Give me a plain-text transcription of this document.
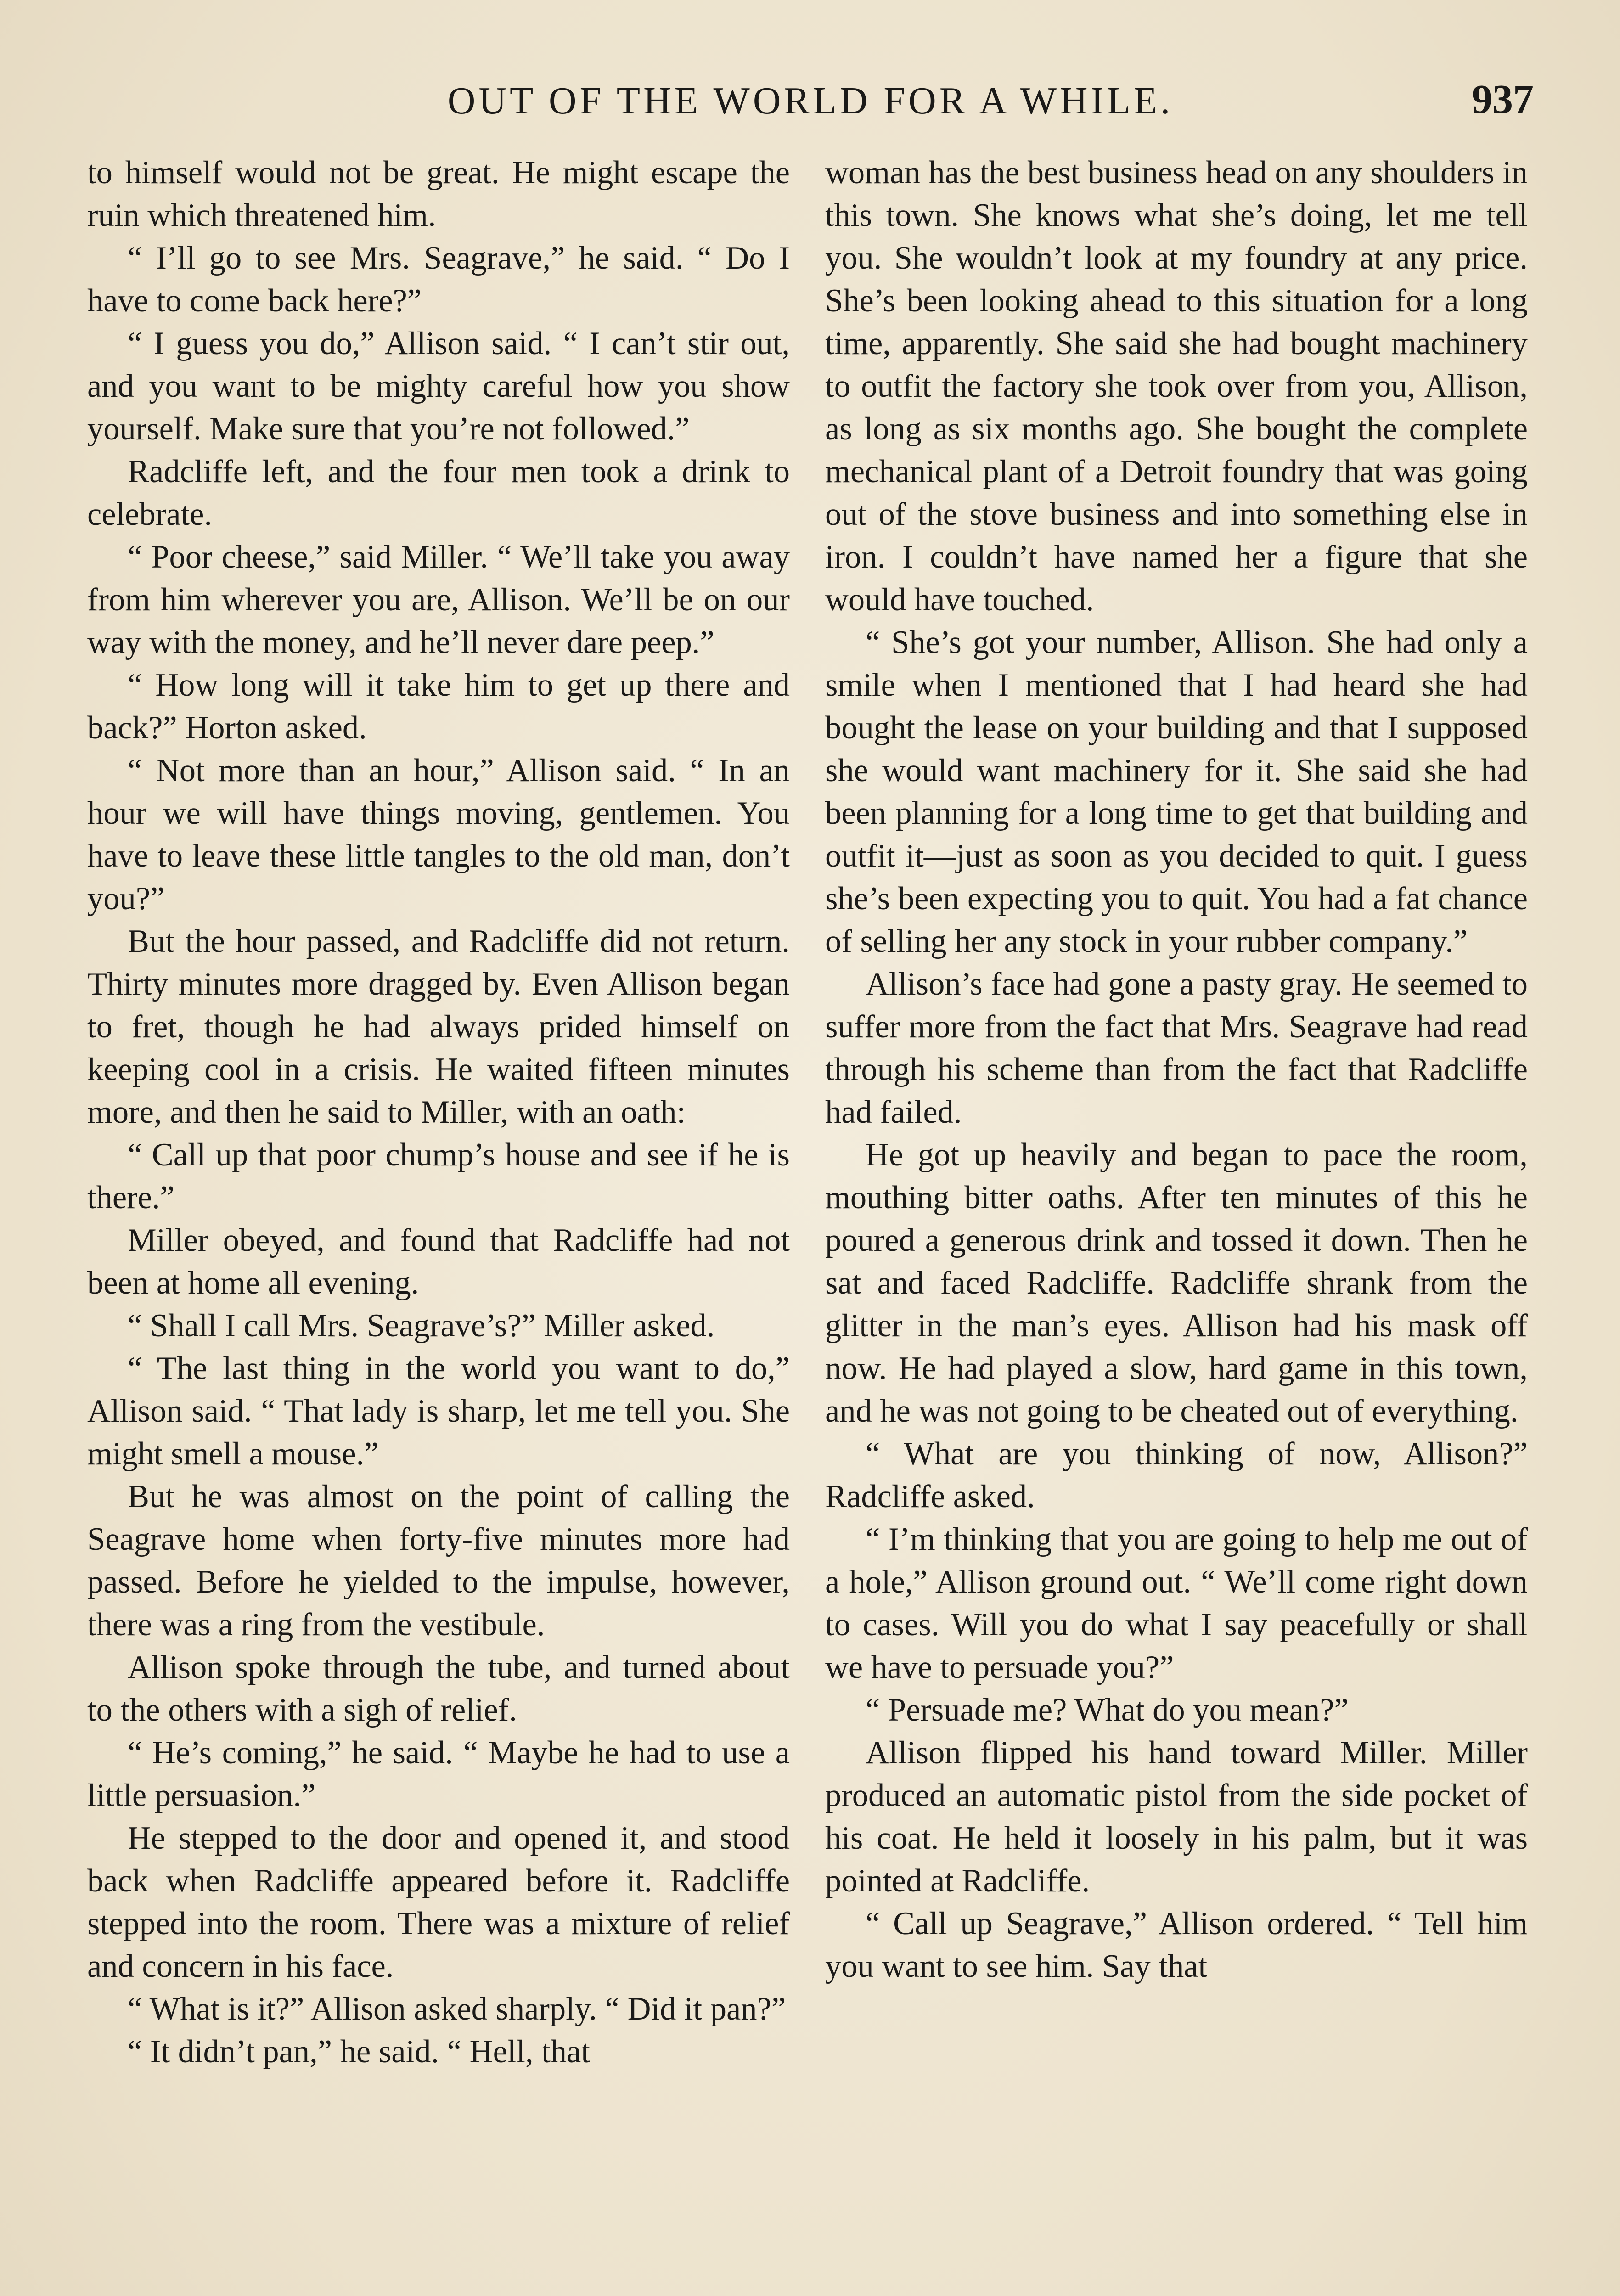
OUT OF THE WORLD FOR A WHILE.	937

to himself would not be great. He might escape the ruin which threatened him.

“ I’ll go to see Mrs. Seagrave,” he said. “ Do I have to come back here?”

“ I guess you do,” Allison said. “ I can’t stir out, and you want to be mighty careful how you show yourself. Make sure that you’re not followed.”

Radcliffe left, and the four men took a drink to celebrate.

“ Poor cheese,” said Miller. “ We’ll take you away from him wherever you are, Allison. We’ll be on our way with the money, and he’ll never dare peep.”

“ How long will it take him to get up there and back?” Horton asked.

“ Not more than an hour,” Allison said. “ In an hour we will have things moving, gentlemen. You have to leave these little tangles to the old man, don’t you?”

But the hour passed, and Radcliffe did not return. Thirty minutes more dragged by. Even Allison began to fret, though he had always prided himself on keeping cool in a crisis. He waited fifteen minutes more, and then he said to Miller, with an oath:

“ Call up that poor chump’s house and see if he is there.”

Miller obeyed, and found that Radcliffe had not been at home all evening.

“ Shall I call Mrs. Seagrave’s?” Miller asked.

“ The last thing in the world you want to do,” Allison said. “ That lady is sharp, let me tell you. She might smell a mouse.”

But he was almost on the point of calling the Seagrave home when forty-five minutes more had passed. Before he yielded to the impulse, however, there was a ring from the vestibule.

Allison spoke through the tube, and turned about to the others with a sigh of relief.

“ He’s coming,” he said. “ Maybe he had to use a little persuasion.”

He stepped to the door and opened it, and stood back when Radcliffe appeared before it. Radcliffe stepped into the room. There was a mixture of relief and concern in his face.

“ What is it?” Allison asked sharply. “ Did it pan?”

“ It didn’t pan,” he said. “ Hell, that

woman has the best business head on any shoulders in this town. She knows what she’s doing, let me tell you. She wouldn’t look at my foundry at any price. She’s been looking ahead to this situation for a long time, apparently. She said she had bought machinery to outfit the factory she took over from you, Allison, as long as six months ago. She bought the complete mechanical plant of a Detroit foundry that was going out of the stove business and into something else in iron. I couldn’t have named her a figure that she would have touched.

“ She’s got your number, Allison. She had only a smile when I mentioned that I had heard she had bought the lease on your building and that I supposed she would want machinery for it. She said she had been planning for a long time to get that building and outfit it—just as soon as you decided to quit. I guess she’s been expecting you to quit. You had a fat chance of selling her any stock in your rubber company.”

Allison’s face had gone a pasty gray. He seemed to suffer more from the fact that Mrs. Seagrave had read through his scheme than from the fact that Radcliffe had failed.

He got up heavily and began to pace the room, mouthing bitter oaths. After ten minutes of this he poured a generous drink and tossed it down. Then he sat and faced Radcliffe. Radcliffe shrank from the glitter in the man’s eyes. Allison had his mask off now. He had played a slow, hard game in this town, and he was not going to be cheated out of everything.

“ What are you thinking of now, Allison?” Radcliffe asked.

“ I’m thinking that you are going to help me out of a hole,” Allison ground out. “ We’ll come right down to cases. Will you do what I say peacefully or shall we have to persuade you?”

“ Persuade me? What do you mean?”

Allison flipped his hand toward Miller. Miller produced an automatic pistol from the side pocket of his coat. He held it loosely in his palm, but it was pointed at Radcliffe.

“ Call up Seagrave,” Allison ordered. “ Tell him you want to see him. Say that
